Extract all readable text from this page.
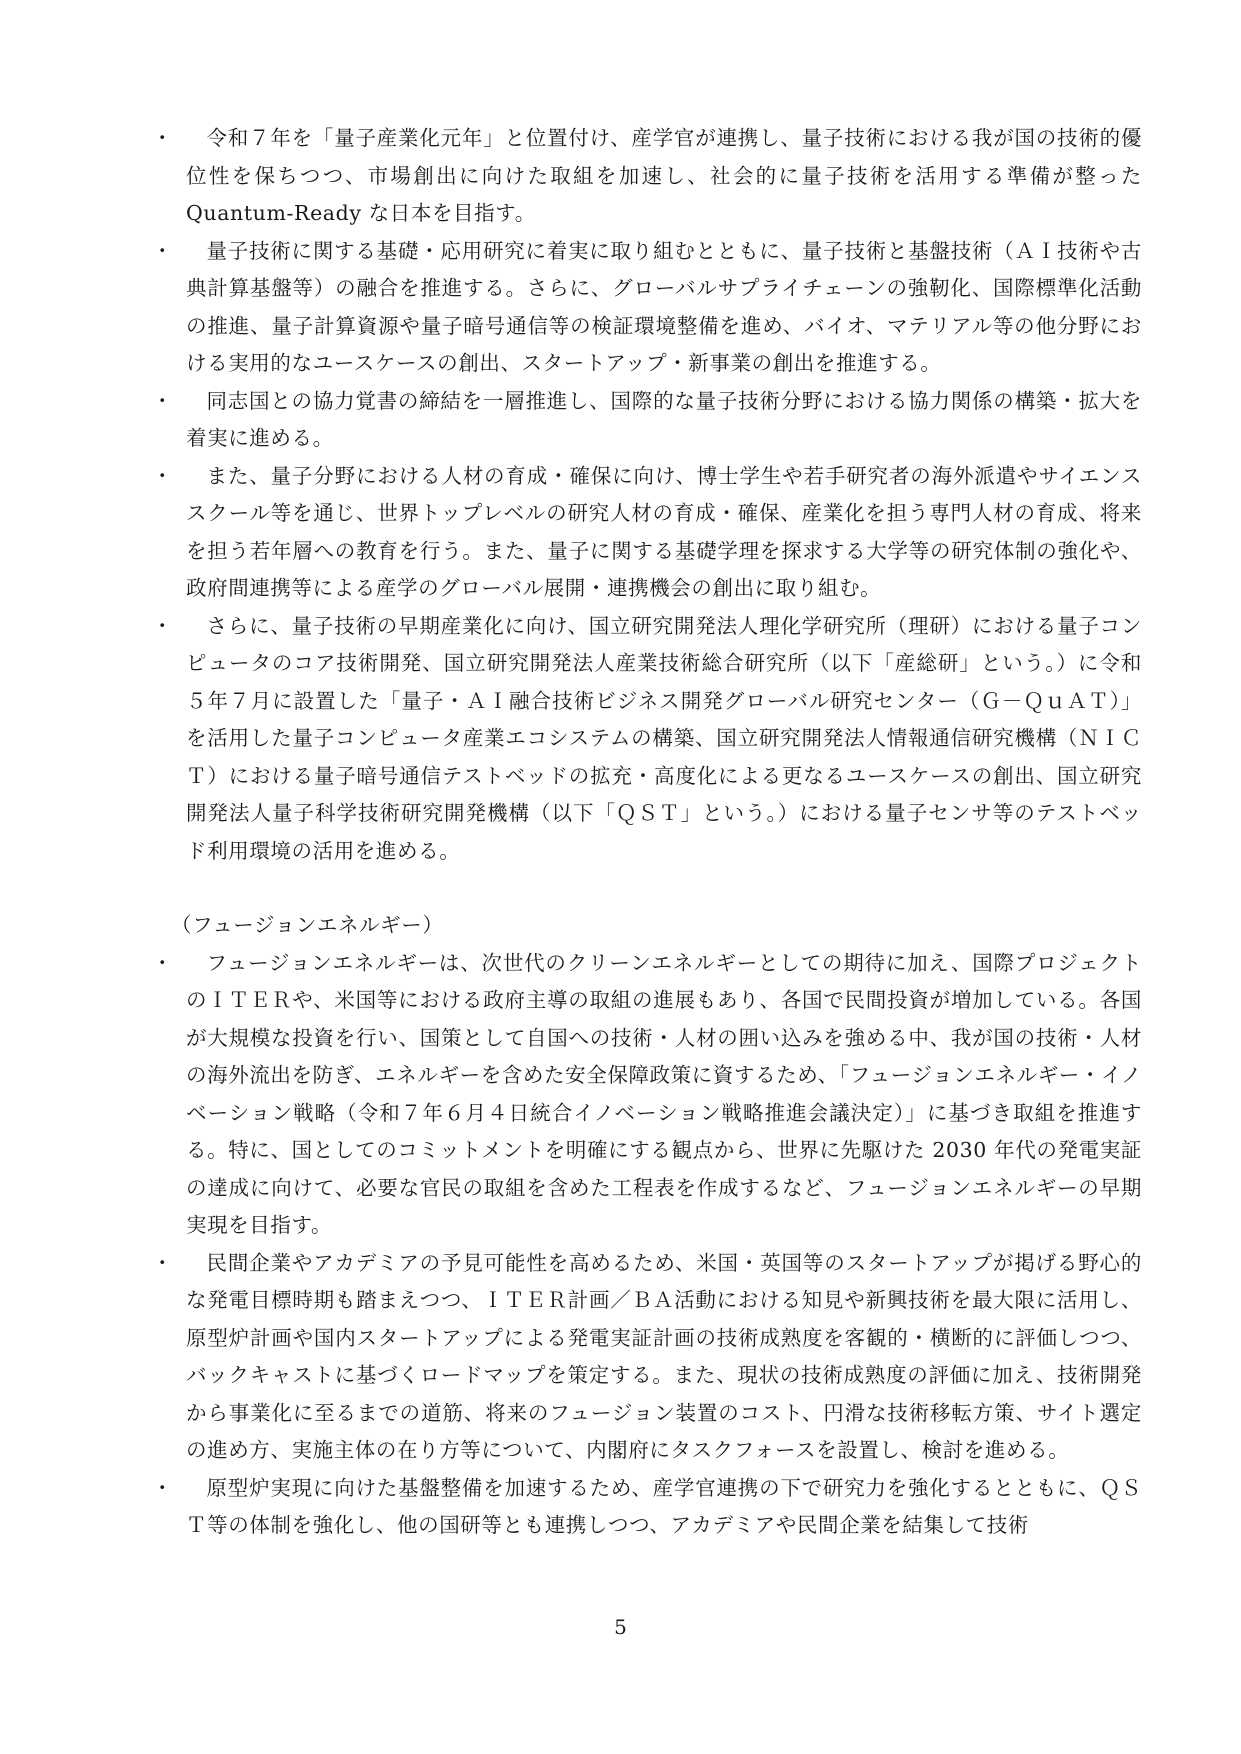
・ 令和７年を「量子産業化元年」と位置付け、産学官が連携し、量子技術における我が国の技術的優位性を保ちつつ、市場創出に向けた取組を加速し、社会的に量子技術を活用する準備が整った Quantum-Ready な日本を目指す。

・ 量子技術に関する基礎・応用研究に着実に取り組むとともに、量子技術と基盤技術（ＡＩ技術や古典計算基盤等）の融合を推進する。さらに、グローバルサプライチェーンの強靭化、国際標準化活動の推進、量子計算資源や量子暗号通信等の検証環境整備を進め、バイオ、マテリアル等の他分野における実用的なユースケースの創出、スタートアップ・新事業の創出を推進する。

・ 同志国との協力覚書の締結を一層推進し、国際的な量子技術分野における協力関係の構築・拡大を着実に進める。

・ また、量子分野における人材の育成・確保に向け、博士学生や若手研究者の海外派遣やサイエンススクール等を通じ、世界トップレベルの研究人材の育成・確保、産業化を担う専門人材の育成、将来を担う若年層への教育を行う。また、量子に関する基礎学理を探求する大学等の研究体制の強化や、政府間連携等による産学のグローバル展開・連携機会の創出に取り組む。

・ さらに、量子技術の早期産業化に向け、国立研究開発法人理化学研究所（理研）における量子コンピュータのコア技術開発、国立研究開発法人産業技術総合研究所（以下「産総研」という。）に令和５年７月に設置した「量子・ＡＩ融合技術ビジネス開発グローバル研究センター（Ｇ－ＱｕＡＴ）」を活用した量子コンピュータ産業エコシステムの構築、国立研究開発法人情報通信研究機構（ＮＩＣＴ）における量子暗号通信テストベッドの拡充・高度化による更なるユースケースの創出、国立研究開発法人量子科学技術研究開発機構（以下「ＱＳＴ」という。）における量子センサ等のテストベッド利用環境の活用を進める。

（フュージョンエネルギー）

・ フュージョンエネルギーは、次世代のクリーンエネルギーとしての期待に加え、国際プロジェクトのＩＴＥＲや、米国等における政府主導の取組の進展もあり、各国で民間投資が増加している。各国が大規模な投資を行い、国策として自国への技術・人材の囲い込みを強める中、我が国の技術・人材の海外流出を防ぎ、エネルギーを含めた安全保障政策に資するため、「フュージョンエネルギー・イノベーション戦略（令和７年６月４日統合イノベーション戦略推進会議決定）」に基づき取組を推進する。特に、国としてのコミットメントを明確にする観点から、世界に先駆けた 2030 年代の発電実証の達成に向けて、必要な官民の取組を含めた工程表を作成するなど、フュージョンエネルギーの早期実現を目指す。

・ 民間企業やアカデミアの予見可能性を高めるため、米国・英国等のスタートアップが掲げる野心的な発電目標時期も踏まえつつ、ＩＴＥＲ計画／ＢＡ活動における知見や新興技術を最大限に活用し、原型炉計画や国内スタートアップによる発電実証計画の技術成熟度を客観的・横断的に評価しつつ、バックキャストに基づくロードマップを策定する。また、現状の技術成熟度の評価に加え、技術開発から事業化に至るまでの道筋、将来のフュージョン装置のコスト、円滑な技術移転方策、サイト選定の進め方、実施主体の在り方等について、内閣府にタスクフォースを設置し、検討を進める。

・ 原型炉実現に向けた基盤整備を加速するため、産学官連携の下で研究力を強化するとともに、ＱＳＴ等の体制を強化し、他の国研等とも連携しつつ、アカデミアや民間企業を結集して技術

5
